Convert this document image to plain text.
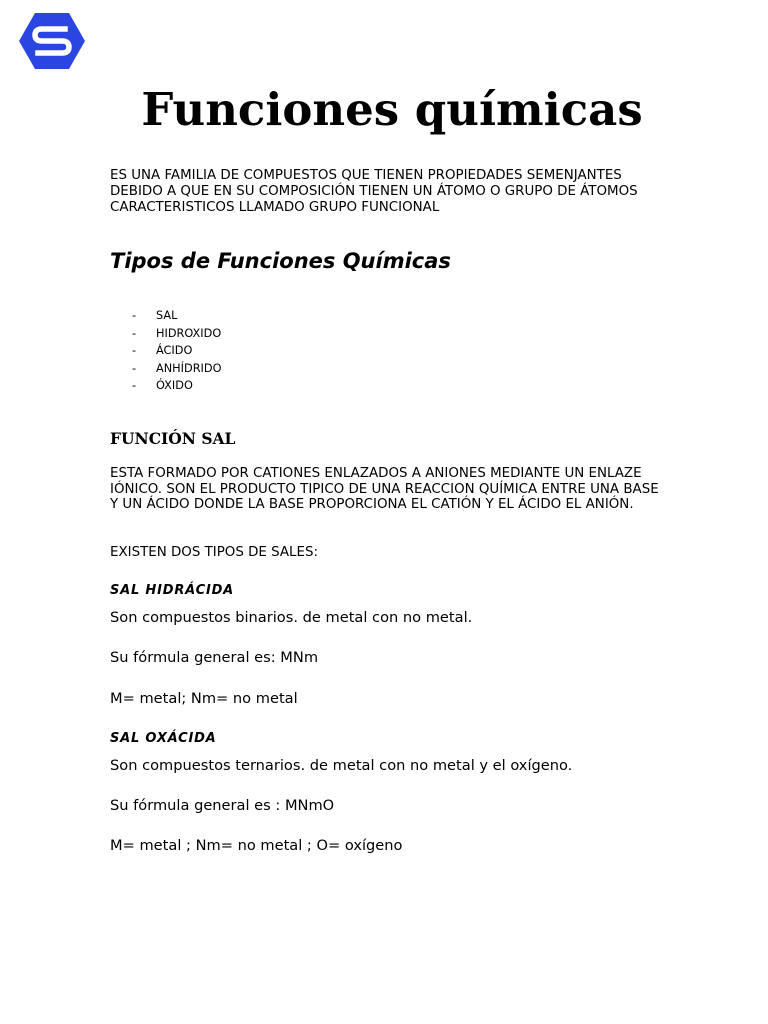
Funciones químicas

ES UNA FAMILIA DE COMPUESTOS QUE TIENEN PROPIEDADES SEMENJANTES DEBIDO A QUE EN SU COMPOSICIÓN TIENEN UN ÁTOMO O GRUPO DE ÁTOMOS CARACTERISTICOS LLAMADO GRUPO FUNCIONAL

Tipos de Funciones Químicas
- SAL
- HIDROXIDO
- ÁCIDO
- ANHÍDRIDO
- ÓXIDO
FUNCIÓN SAL

ESTA FORMADO POR CATIONES ENLAZADOS A ANIONES MEDIANTE UN ENLAZE IÓNICO. SON EL PRODUCTO TIPICO DE UNA REACCION QUÍMICA ENTRE UNA BASE Y UN ÁCIDO DONDE LA BASE PROPORCIONA EL CATIÓN Y EL ÁCIDO EL ANIÓN.

EXISTEN DOS TIPOS DE SALES:

SAL HIDRÁCIDA

Son compuestos binarios. de metal con no metal.

Su fórmula general es: MNm

M= metal; Nm= no metal

SAL OXÁCIDA

Son compuestos ternarios. de metal con no metal y el oxígeno.

Su fórmula general es : MNmO

M= metal ; Nm= no metal ; O= oxígeno
